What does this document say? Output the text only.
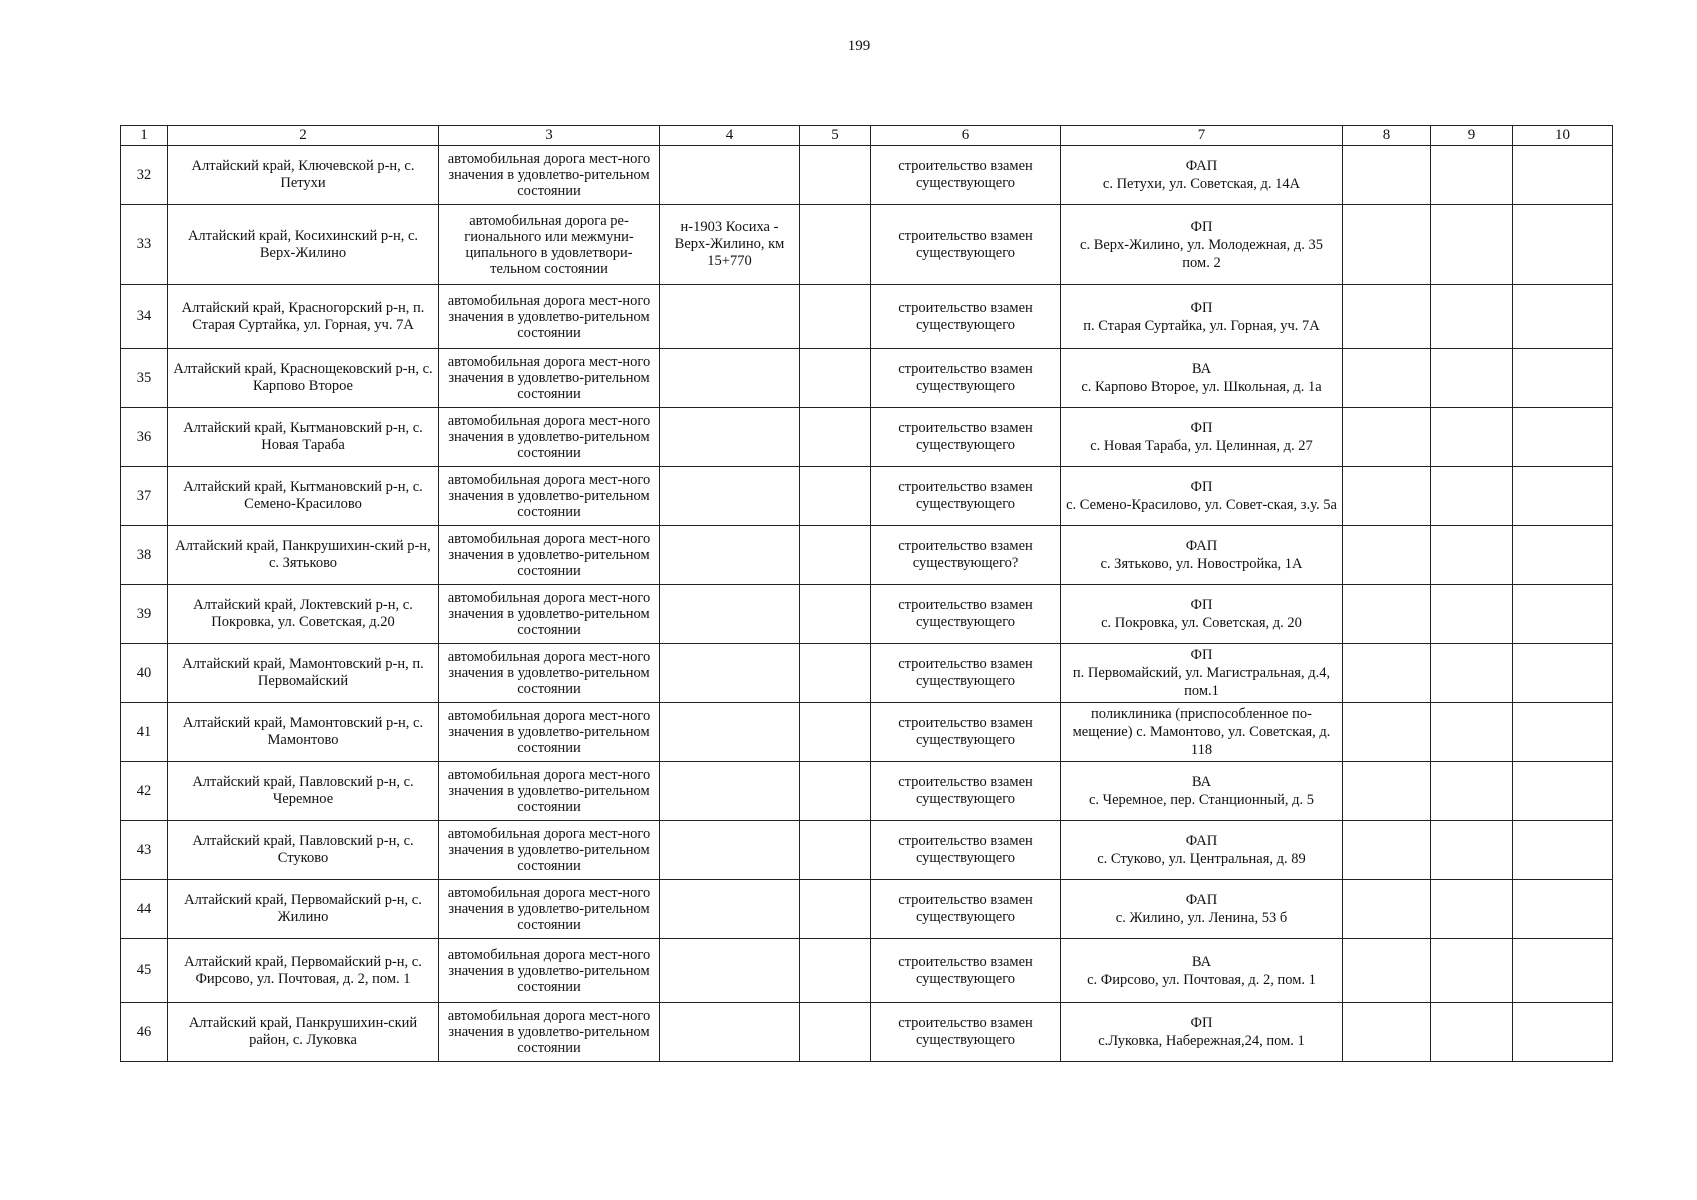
199
1	2	3	4	5	6	7	8	9	10
32	Алтайский край, Ключевской р-н, с. Петухи	автомобильная дорога мест-ного значения в удовлетво-рительном состоянии			строительство взамен существующего	ФАП
с. Петухи, ул. Советская, д. 14А			

33	Алтайский край, Косихинский р-н, с. Верх-Жилино	автомобильная дорога ре-гионального или межмуни-ципального в удовлетвори-тельном состоянии	н-1903 Косиха - Верх-Жилино, км 15+770		строительство взамен существующего	ФП
с. Верх-Жилино, ул. Молодежная, д. 35 пом. 2			

34	Алтайский край, Красногорский р-н, п. Старая Суртайка, ул. Горная, уч. 7А	автомобильная дорога мест-ного значения в удовлетво-рительном состоянии			строительство взамен существующего	ФП
п. Старая Суртайка, ул. Горная, уч. 7А			

35	Алтайский край, Краснощековский р-н, с. Карпово Второе	автомобильная дорога мест-ного значения в удовлетво-рительном состоянии			строительство взамен существующего	ВА
с. Карпово Второе, ул. Школьная, д. 1а			

36	Алтайский край, Кытмановский р-н, с. Новая Тараба	автомобильная дорога мест-ного значения в удовлетво-рительном состоянии			строительство взамен существующего	ФП
с. Новая Тараба, ул. Целинная, д. 27			

37	Алтайский край, Кытмановский р-н, с. Семено-Красилово	автомобильная дорога мест-ного значения в удовлетво-рительном состоянии			строительство взамен существующего	ФП
с. Семено-Красилово, ул. Совет-ская, з.у. 5а			

38	Алтайский край, Панкрушихин-ский р-н, с. Зятьково	автомобильная дорога мест-ного значения в удовлетво-рительном состоянии			строительство взамен существующего?	ФАП
с. Зятьково, ул. Новостройка, 1А			

39	Алтайский край, Локтевский р-н, с. Покровка, ул. Советская, д.20	автомобильная дорога мест-ного значения в удовлетво-рительном состоянии			строительство взамен существующего	ФП
с. Покровка, ул. Советская, д. 20			

40	Алтайский край, Мамонтовский р-н, п. Первомайский	автомобильная дорога мест-ного значения в удовлетво-рительном состоянии			строительство взамен существующего	ФП
п. Первомайский, ул. Магистральная, д.4, пом.1			

41	Алтайский край, Мамонтовский р-н, с. Мамонтово	автомобильная дорога мест-ного значения в удовлетво-рительном состоянии			строительство взамен существующего	поликлиника (приспособленное по-мещение) с. Мамонтово, ул. Советская, д. 118			

42	Алтайский край, Павловский р-н, с. Черемное	автомобильная дорога мест-ного значения в удовлетво-рительном состоянии			строительство взамен существующего	ВА
с. Черемное, пер. Станционный, д. 5			

43	Алтайский край, Павловский р-н, с. Стуково	автомобильная дорога мест-ного значения в удовлетво-рительном состоянии			строительство взамен существующего	ФАП
с. Стуково, ул. Центральная, д. 89			

44	Алтайский край, Первомайский р-н, с. Жилино	автомобильная дорога мест-ного значения в удовлетво-рительном состоянии			строительство взамен существующего	ФАП
с. Жилино, ул. Ленина, 53 б			

45	Алтайский край, Первомайский р-н, с. Фирсово, ул. Почтовая, д. 2, пом. 1	автомобильная дорога мест-ного значения в удовлетво-рительном состоянии			строительство взамен существующего	ВА
с. Фирсово, ул. Почтовая, д. 2, пом. 1			

46	Алтайский край, Панкрушихин-ский район, с. Луковка	автомобильная дорога мест-ного значения в удовлетво-рительном состоянии			строительство взамен существующего	ФП
с.Луковка, Набережная,24, пом. 1			
